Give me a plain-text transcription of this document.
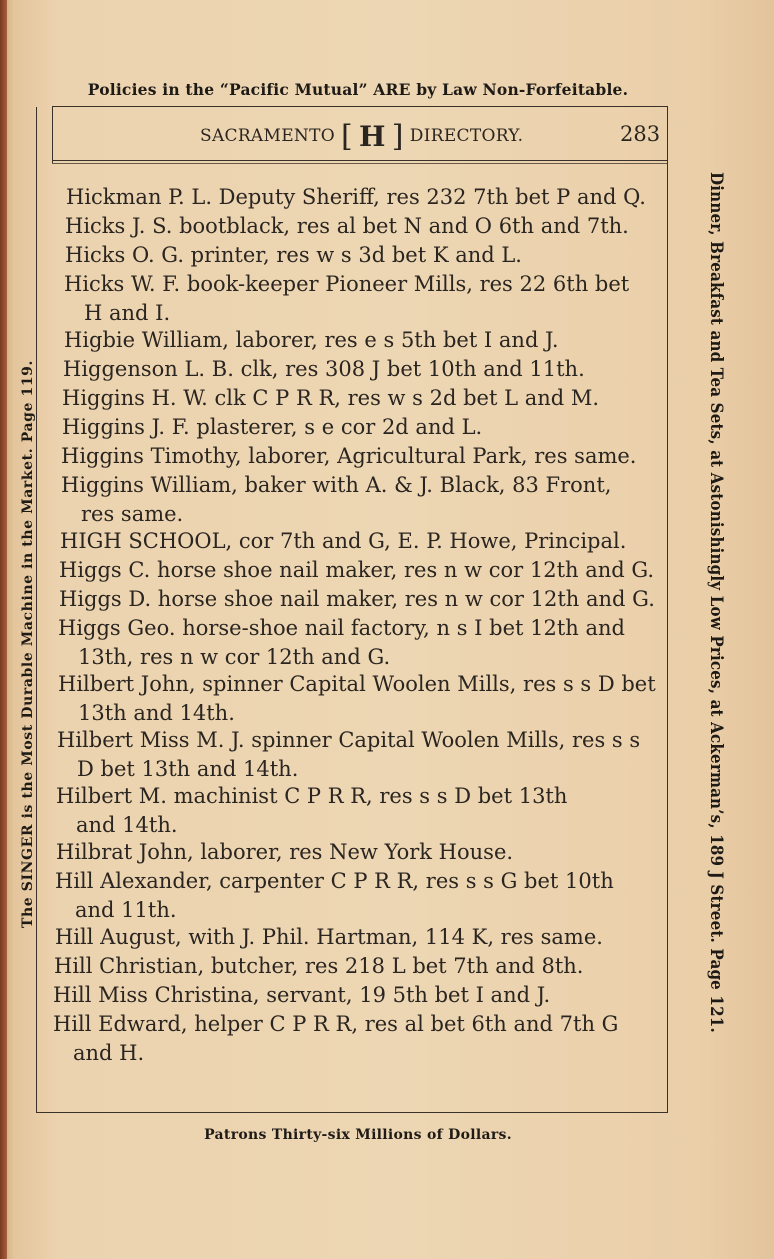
Policies in the “Pacific Mutual” ARE by Law Non-Forfeitable.
SACRAMENTO [ H ] DIRECTORY.	283
Hickman P. L. Deputy Sheriff, res 232 7th bet P and Q.
Hicks J. S. bootblack, res al bet N and O 6th and 7th.
Hicks O. G. printer, res w s 3d bet K and L.
Hicks W. F. book-keeper Pioneer Mills, res 22 6th bet
H and I.
Higbie William, laborer, res e s 5th bet I and J.
Higgenson L. B. clk, res 308 J bet 10th and 11th.
Higgins H. W. clk C P R R, res w s 2d bet L and M.
Higgins J. F. plasterer, s e cor 2d and L.
Higgins Timothy, laborer, Agricultural Park, res same.
Higgins William, baker with A. & J. Black, 83 Front,
res same.
HIGH SCHOOL, cor 7th and G, E. P. Howe, Principal.
Higgs C. horse shoe nail maker, res n w cor 12th and G.
Higgs D. horse shoe nail maker, res n w cor 12th and G.
Higgs Geo. horse-shoe nail factory, n s I bet 12th and
13th, res n w cor 12th and G.
Hilbert John, spinner Capital Woolen Mills, res s s D bet
13th and 14th.
Hilbert Miss M. J. spinner Capital Woolen Mills, res s s
D bet 13th and 14th.
Hilbert M. machinist C P R R, res s s D bet 13th
and 14th.
Hilbrat John, laborer, res New York House.
Hill Alexander, carpenter C P R R, res s s G bet 10th
and 11th.
Hill August, with J. Phil. Hartman, 114 K, res same.
Hill Christian, butcher, res 218 L bet 7th and 8th.
Hill Miss Christina, servant, 19 5th bet I and J.
Hill Edward, helper C P R R, res al bet 6th and 7th G
and H.
The SINGER is the Most Durable Machine in the Market. Page 119.	Dinner, Breakfast and Tea Sets, at Astonishingly Low Prices, at Ackerman’s, 189 J Street. Page 121.
Patrons Thirty-six Millions of Dollars.
